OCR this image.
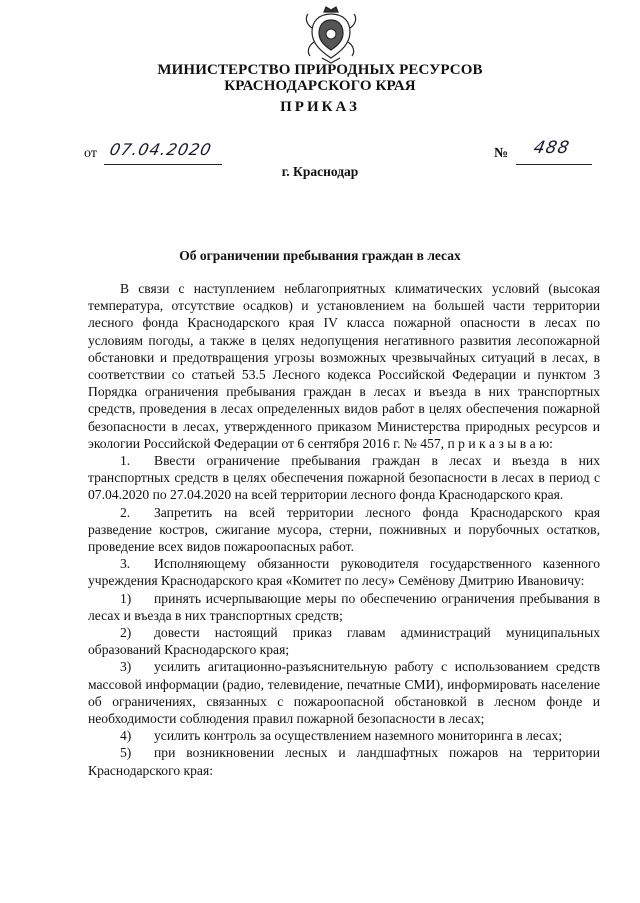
МИНИСТЕРСТВО ПРИРОДНЫХ РЕСУРСОВ
КРАСНОДАРСКОГО КРАЯ
ПРИКАЗ
от 07.04.2020	№ 488
г. Краснодар
Об ограничении пребывания граждан в лесах

В связи с наступлением неблагоприятных климатических условий (высокая температура, отсутствие осадков) и установлением на большей части территории лесного фонда Краснодарского края IV класса пожарной опасности в лесах по условиям погоды, а также в целях недопущения негативного развития лесопожарной обстановки и предотвращения угрозы возможных чрезвычайных ситуаций в лесах, в соответствии со статьей 53.5 Лесного кодекса Российской Федерации и пунктом 3 Порядка ограничения пребывания граждан в лесах и въезда в них транспортных средств, проведения в лесах определенных видов работ в целях обеспечения пожарной безопасности в лесах, утвержденного приказом Министерства природных ресурсов и экологии Российской Федерации от 6 сентября 2016 г. № 457, п р и к а з ы в а ю:

1. Ввести ограничение пребывания граждан в лесах и въезда в них транспортных средств в целях обеспечения пожарной безопасности в лесах в период с 07.04.2020 по 27.04.2020 на всей территории лесного фонда Краснодарского края.

2. Запретить на всей территории лесного фонда Краснодарского края разведение костров, сжигание мусора, стерни, пожнивных и порубочных остатков, проведение всех видов пожароопасных работ.

3. Исполняющему обязанности руководителя государственного казенного учреждения Краснодарского края «Комитет по лесу» Семёнову Дмитрию Ивановичу:

1) принять исчерпывающие меры по обеспечению ограничения пребывания в лесах и въезда в них транспортных средств;

2) довести настоящий приказ главам администраций муниципальных образований Краснодарского края;

3) усилить агитационно-разъяснительную работу с использованием средств массовой информации (радио, телевидение, печатные СМИ), информировать население об ограничениях, связанных с пожароопасной обстановкой в лесном фонде и необходимости соблюдения правил пожарной безопасности в лесах;

4) усилить контроль за осуществлением наземного мониторинга в лесах;

5) при возникновении лесных и ландшафтных пожаров на территории Краснодарского края:
